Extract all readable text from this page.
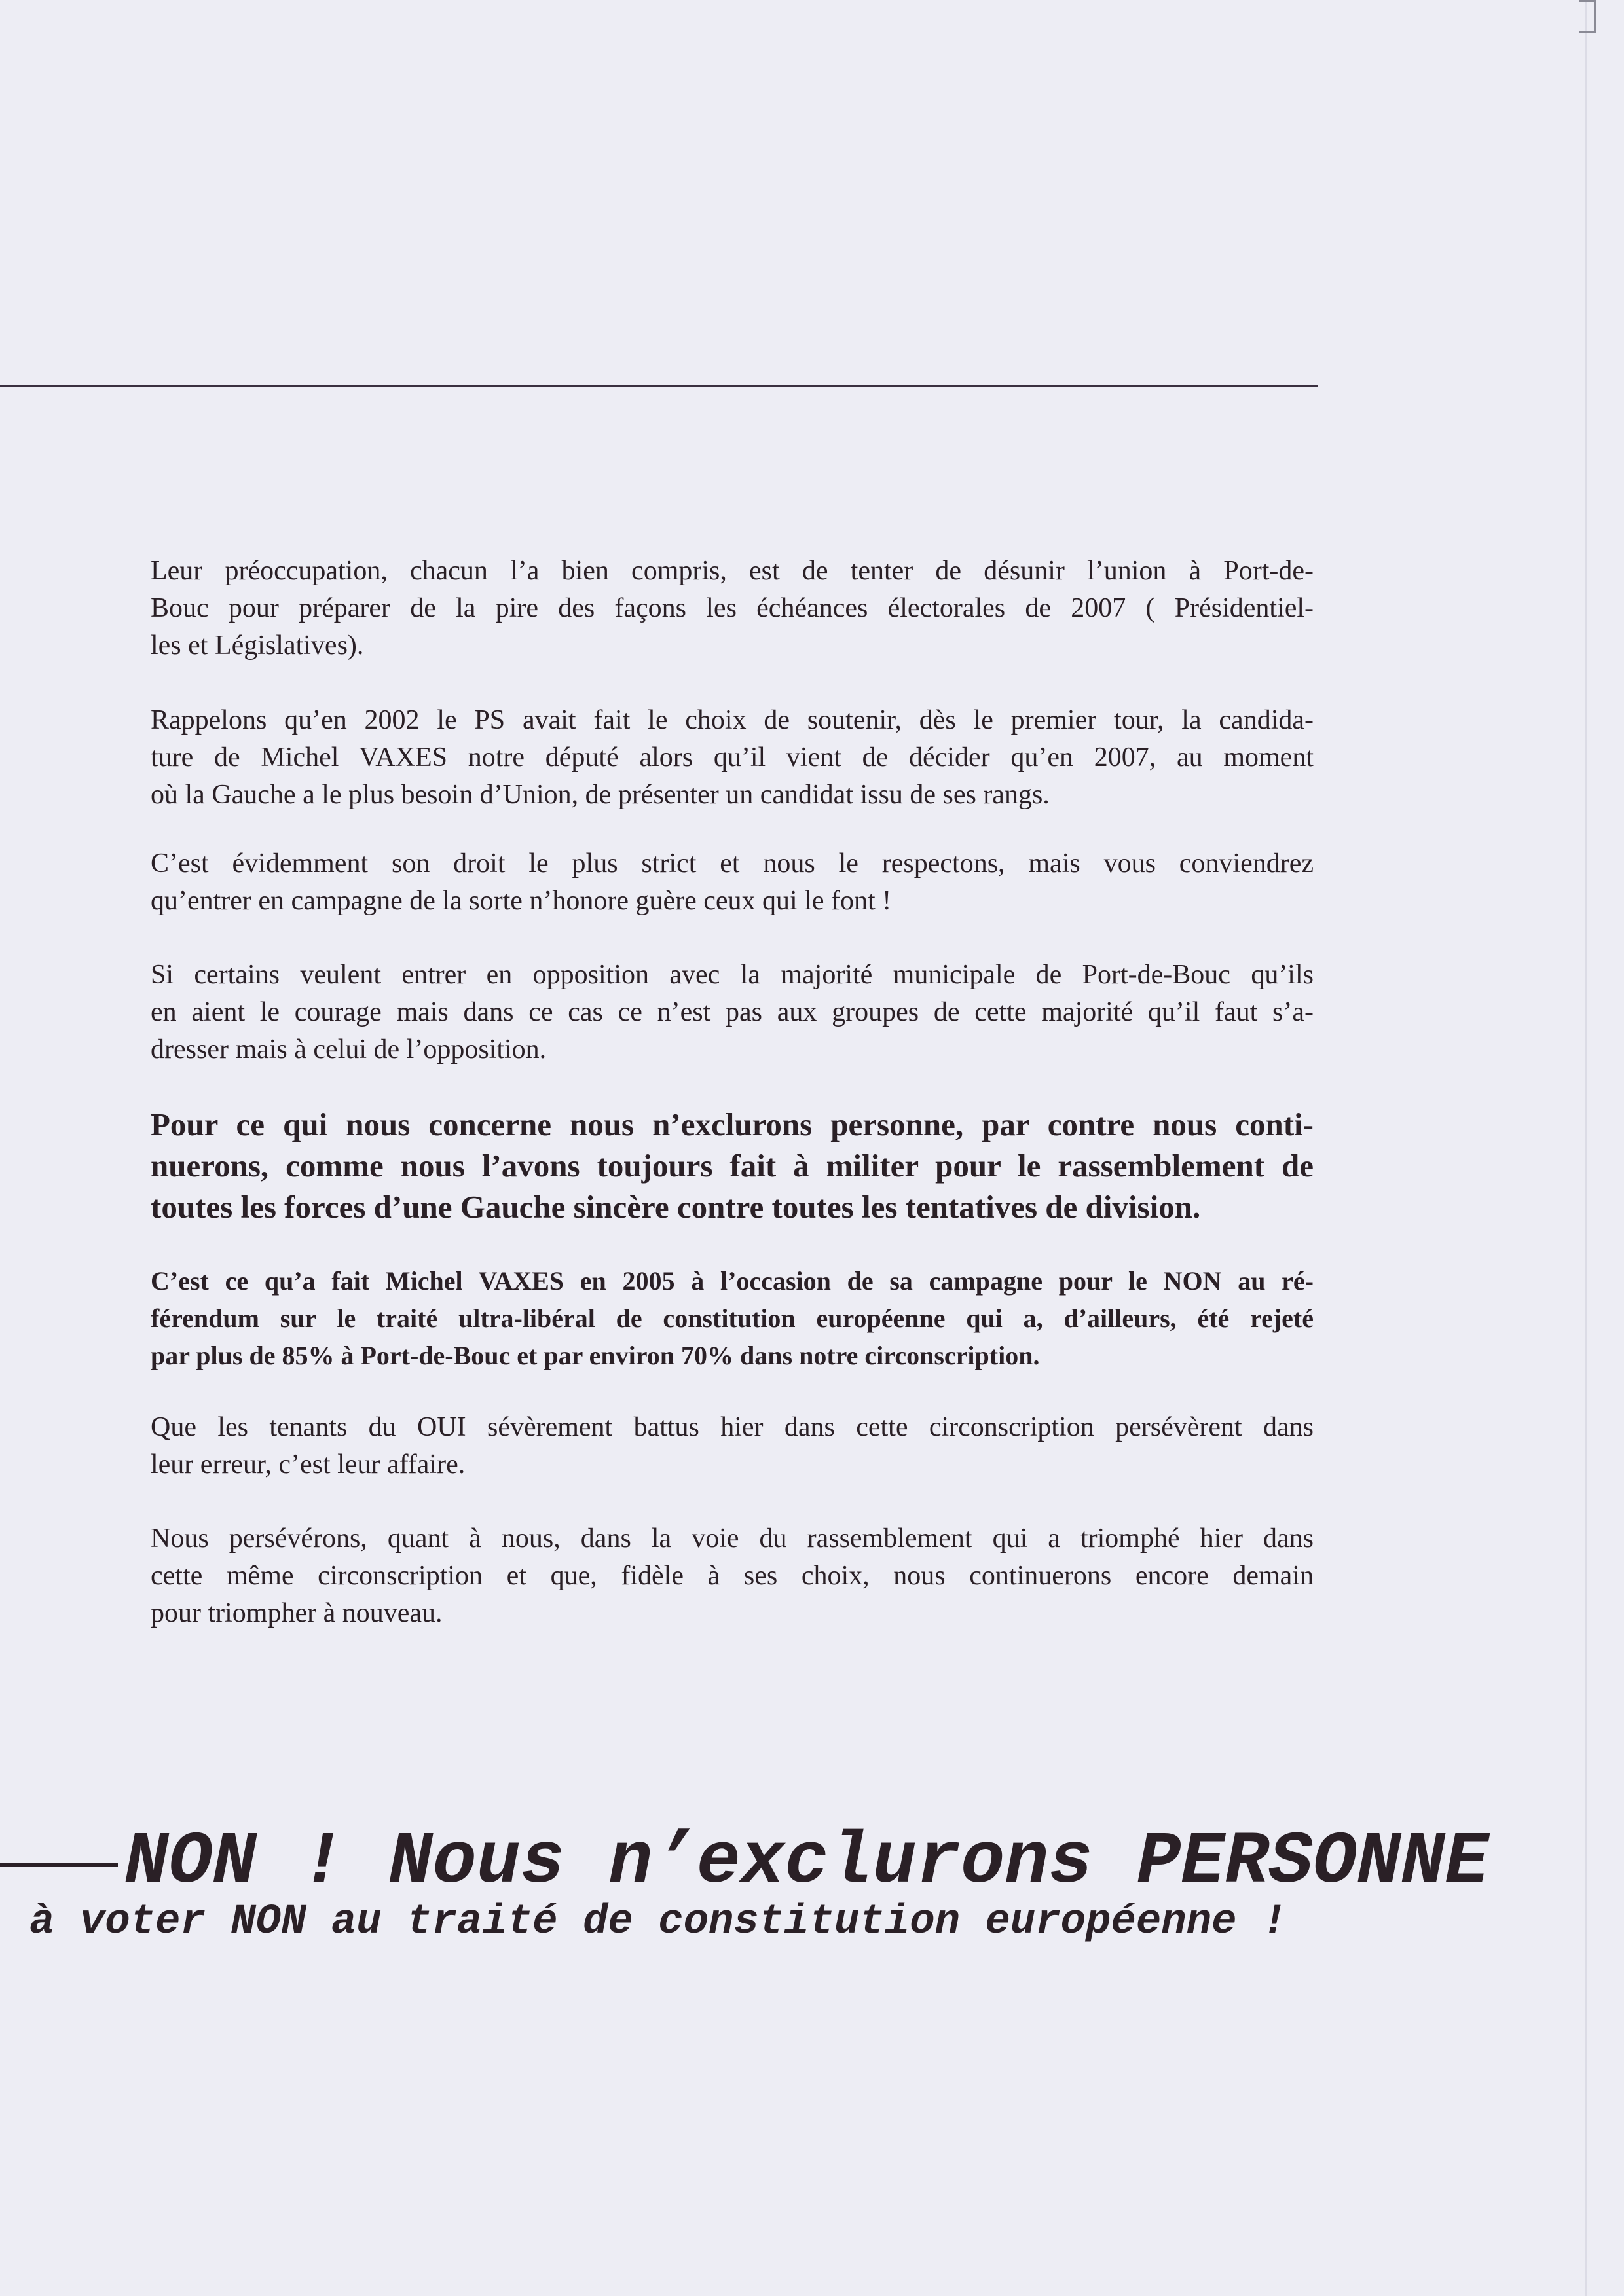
Leur préoccupation, chacun l’a bien compris, est de tenter de désunir l’union à Port-de-
Bouc pour préparer de la pire des façons les échéances électorales de 2007 ( Présidentiel-
les et Législatives).
Rappelons qu’en 2002 le PS avait fait le choix de soutenir, dès le premier tour, la candida-
ture de Michel VAXES notre député alors qu’il vient de décider qu’en 2007, au moment
où la Gauche a le plus besoin d’Union, de présenter un candidat issu de ses rangs.
C’est évidemment son droit le plus strict et nous le respectons, mais vous conviendrez
qu’entrer en campagne de la sorte n’honore guère ceux qui le font !
Si certains veulent entrer en opposition avec la majorité municipale de Port-de-Bouc qu’ils
en aient le courage mais dans ce cas ce n’est pas aux groupes de cette majorité qu’il faut s’a-
dresser mais à celui de l’opposition.
Pour ce qui nous concerne nous n’exclurons personne, par contre nous conti-
nuerons, comme nous l’avons toujours fait à militer pour le rassemblement de
toutes les forces d’une Gauche sincère contre toutes les tentatives de division.
C’est ce qu’a fait Michel VAXES en 2005 à l’occasion de sa campagne pour le NON au ré-
férendum sur le traité ultra-libéral de constitution européenne qui a, d’ailleurs, été rejeté
par plus de 85% à Port-de-Bouc et par environ 70% dans notre circonscription.
Que les tenants du OUI sévèrement battus hier dans cette circonscription persévèrent dans
leur erreur, c’est leur affaire.
Nous persévérons, quant à nous, dans la voie du rassemblement qui a triomphé hier dans
cette même circonscription et que, fidèle à ses choix, nous continuerons encore demain
pour triompher à nouveau.
NON ! Nous n’exclurons PERSONNE
à voter NON au traité de constitution européenne !
